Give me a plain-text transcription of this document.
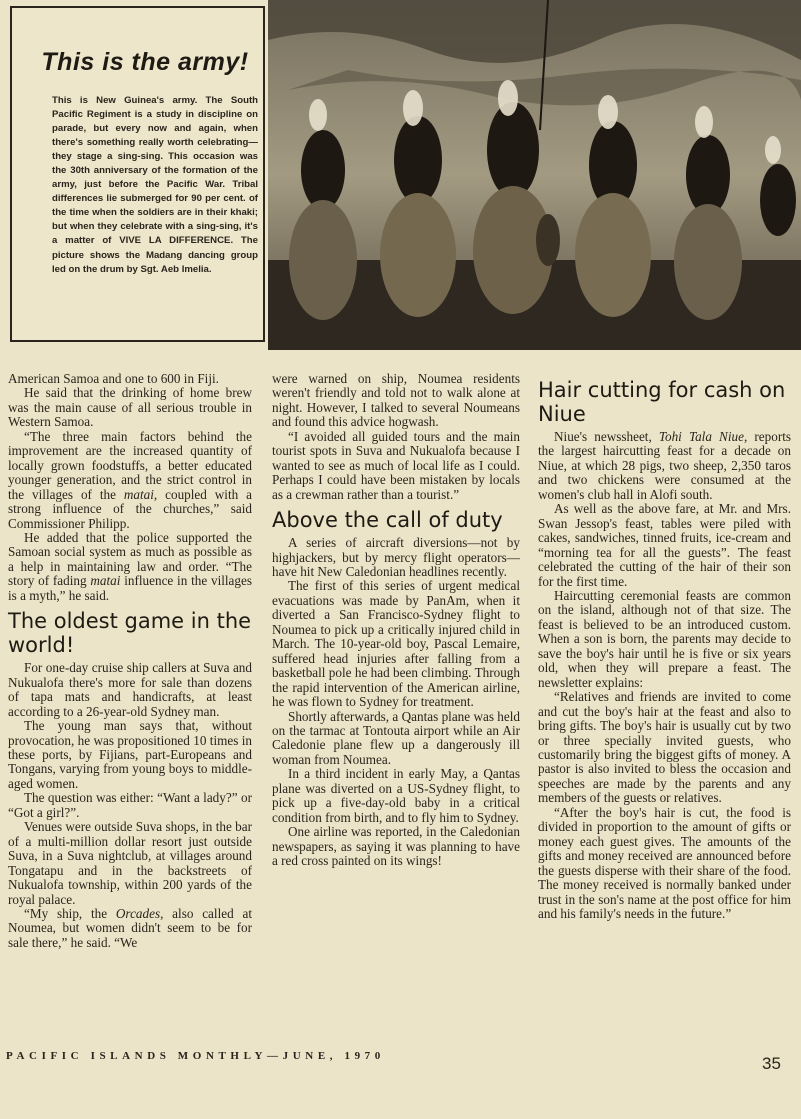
This is the army!

This is New Guinea's army. The South Pacific Regiment is a study in discipline on parade, but every now and again, when there's something really worth celebrating—they stage a sing-sing. This occasion was the 30th anniversary of the formation of the army, just before the Pacific War. Tribal differences lie submerged for 90 per cent. of the time when the soldiers are in their khaki; but when they celebrate with a sing-sing, it's a matter of VIVE LA DIFFERENCE. The picture shows the Madang dancing group led on the drum by Sgt. Aeb Imelia.

American Samoa and one to 600 in Fiji.

He said that the drinking of home brew was the main cause of all serious trouble in Western Samoa.

“The three main factors behind the improvement are the increased quantity of locally grown foodstuffs, a better educated younger generation, and the strict control in the villages of the matai, coupled with a strong influence of the churches,” said Commissioner Philipp.

He added that the police supported the Samoan social system as much as possible as a help in maintaining law and order. “The story of fading matai influence in the villages is a myth,” he said.

The oldest game in the world!

For one-day cruise ship callers at Suva and Nukualofa there's more for sale than dozens of tapa mats and handicrafts, at least according to a 26-year-old Sydney man.

The young man says that, without provocation, he was propositioned 10 times in these ports, by Fijians, part-Europeans and Tongans, varying from young boys to middle-aged women.

The question was either: “Want a lady?” or “Got a girl?”.

Venues were outside Suva shops, in the bar of a multi-million dollar resort just outside Suva, in a Suva nightclub, at villages around Tongatapu and in the backstreets of Nukualofa township, within 200 yards of the royal palace.

“My ship, the Orcades, also called at Noumea, but women didn't seem to be for sale there,” he said. “We

were warned on ship, Noumea residents weren't friendly and told not to walk alone at night. However, I talked to several Noumeans and found this advice hogwash.

“I avoided all guided tours and the main tourist spots in Suva and Nukualofa because I wanted to see as much of local life as I could. Perhaps I could have been mistaken by locals as a crewman rather than a tourist.”

Above the call of duty

A series of aircraft diversions—not by highjackers, but by mercy flight operators—have hit New Caledonian headlines recently.

The first of this series of urgent medical evacuations was made by PanAm, when it diverted a San Francisco-Sydney flight to Noumea to pick up a critically injured child in March. The 10-year-old boy, Pascal Lemaire, suffered head injuries after falling from a basketball pole he had been climbing. Through the rapid intervention of the American airline, he was flown to Sydney for treatment.

Shortly afterwards, a Qantas plane was held on the tarmac at Tontouta airport while an Air Caledonie plane flew up a dangerously ill woman from Noumea.

In a third incident in early May, a Qantas plane was diverted on a US-Sydney flight, to pick up a five-day-old baby in a critical condition from birth, and to fly him to Sydney.

One airline was reported, in the Caledonian newspapers, as saying it was planning to have a red cross painted on its wings!

Hair cutting for cash on Niue

Niue's newssheet, Tohi Tala Niue, reports the largest haircutting feast for a decade on Niue, at which 28 pigs, two sheep, 2,350 taros and two chickens were consumed at the women's club hall in Alofi south.

As well as the above fare, at Mr. and Mrs. Swan Jessop's feast, tables were piled with cakes, sandwiches, tinned fruits, ice-cream and “morning tea for all the guests”. The feast celebrated the cutting of the hair of their son for the first time.

Haircutting ceremonial feasts are common on the island, although not of that size. The feast is believed to be an introduced custom. When a son is born, the parents may decide to save the boy's hair until he is five or six years old, when they will prepare a feast. The newsletter explains:

“Relatives and friends are invited to come and cut the boy's hair at the feast and also to bring gifts. The boy's hair is usually cut by two or three specially invited guests, who customarily bring the biggest gifts of money. A pastor is also invited to bless the occasion and speeches are made by the parents and any members of the guests or relatives.

“After the boy's hair is cut, the food is divided in proportion to the amount of gifts or money each guest gives. The amounts of the gifts and money received are announced before the guests disperse with their share of the food. The money received is normally banked under trust in the son's name at the post office for him and his family's needs in the future.”

PACIFIC ISLANDS MONTHLY—JUNE, 1970	35
